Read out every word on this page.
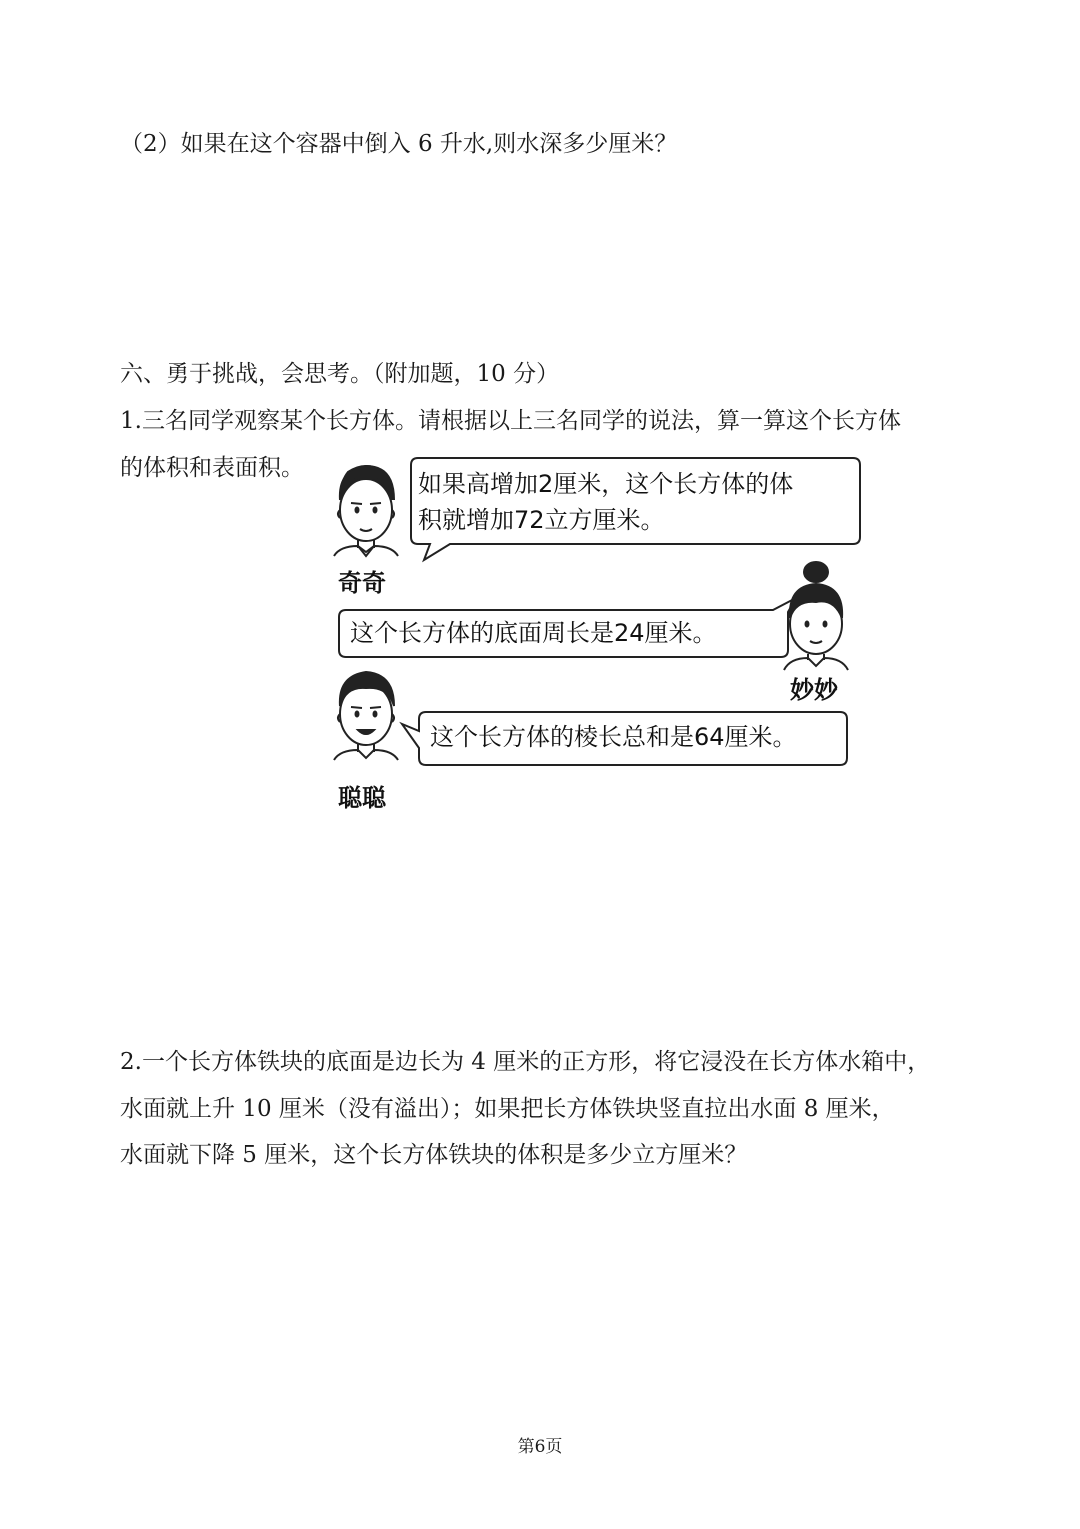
（2）如果在这个容器中倒入 6 升水,则水深多少厘米？
六、勇于挑战，会思考。（附加题，10 分）
1.三名同学观察某个长方体。请根据以上三名同学的说法，算一算这个长方体
的体积和表面积。
如果高增加2厘米，这个长方体的体
积就增加72立方厘米。
奇奇
这个长方体的底面周长是24厘米。
妙妙
这个长方体的棱长总和是64厘米。
聪聪
2.一个长方体铁块的底面是边长为 4 厘米的正方形，将它浸没在长方体水箱中，
水面就上升 10 厘米（没有溢出）；如果把长方体铁块竖直拉出水面 8 厘米，
水面就下降 5 厘米，这个长方体铁块的体积是多少立方厘米？
第6页
